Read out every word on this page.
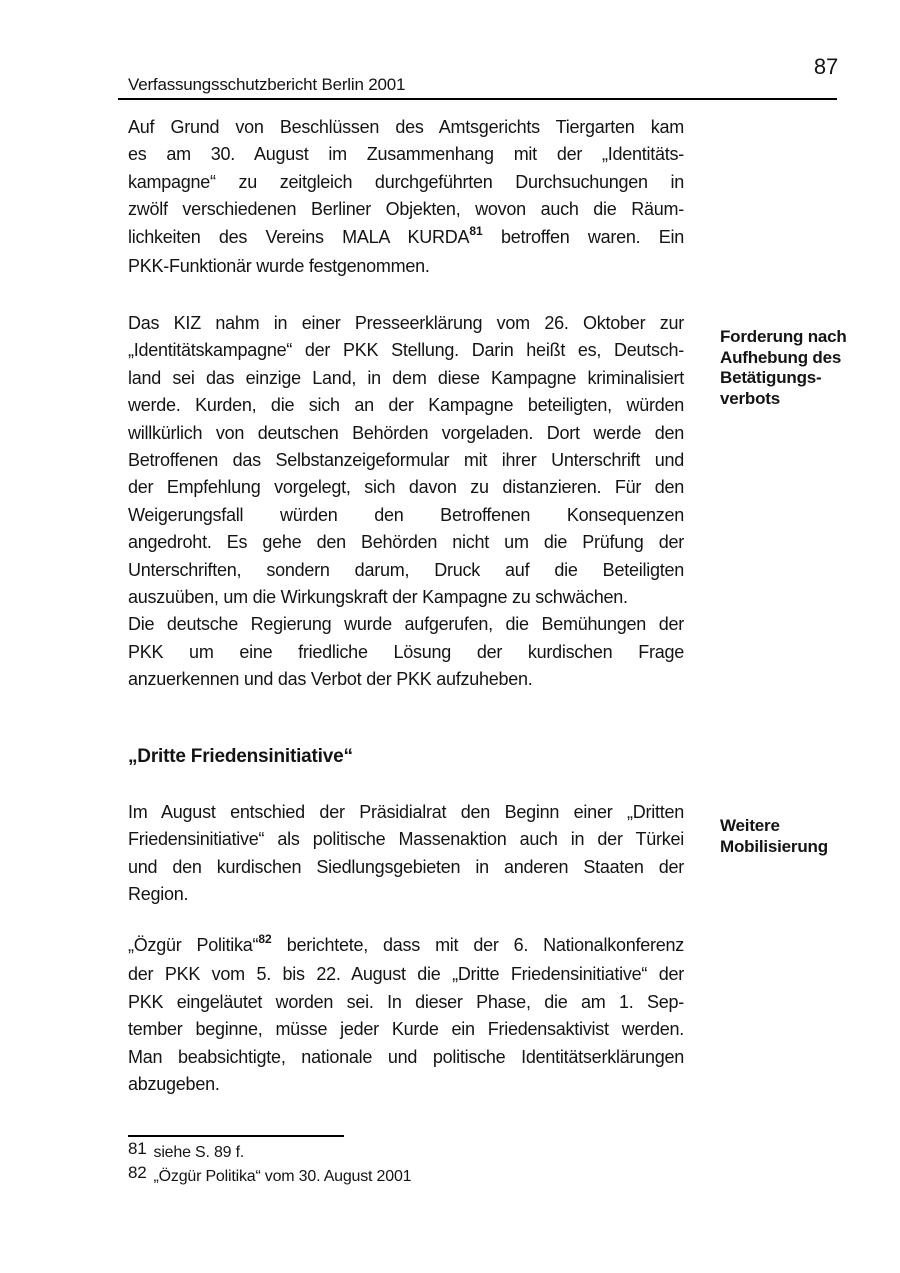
87
Verfassungsschutzbericht Berlin 2001
Auf Grund von Beschlüssen des Amtsgerichts Tiergarten kam
es am 30. August im Zusammenhang mit der „Identitäts-
kampagne“ zu zeitgleich durchgeführten Durchsuchungen in
zwölf verschiedenen Berliner Objekten, wovon auch die Räum-
lichkeiten des Vereins MALA KURDA$^{81}$ betroffen waren. Ein
PKK-Funktionär wurde festgenommen.
Das KIZ nahm in einer Presseerklärung vom 26. Oktober zur
„Identitätskampagne“ der PKK Stellung. Darin heißt es, Deutsch-
land sei das einzige Land, in dem diese Kampagne kriminalisiert
werde. Kurden, die sich an der Kampagne beteiligten, würden
willkürlich von deutschen Behörden vorgeladen. Dort werde den
Betroffenen das Selbstanzeigeformular mit ihrer Unterschrift und
der Empfehlung vorgelegt, sich davon zu distanzieren. Für den
Weigerungsfall würden den Betroffenen Konsequenzen
angedroht. Es gehe den Behörden nicht um die Prüfung der
Unterschriften, sondern darum, Druck auf die Beteiligten
auszuüben, um die Wirkungskraft der Kampagne zu schwächen.
Die deutsche Regierung wurde aufgerufen, die Bemühungen der
PKK um eine friedliche Lösung der kurdischen Frage
anzuerkennen und das Verbot der PKK aufzuheben.
„Dritte Friedensinitiative“
Im August entschied der Präsidialrat den Beginn einer „Dritten
Friedensinitiative“ als politische Massenaktion auch in der Türkei
und den kurdischen Siedlungsgebieten in anderen Staaten der
Region.
„Özgür Politika“$^{82}$ berichtete, dass mit der 6. Nationalkonferenz
der PKK vom 5. bis 22. August die „Dritte Friedensinitiative“ der
PKK eingeläutet worden sei. In dieser Phase, die am 1. Sep-
tember beginne, müsse jeder Kurde ein Friedensaktivist werden.
Man beabsichtigte, nationale und politische Identitätserklärungen
abzugeben.
Forderung nach
Aufhebung des
Betätigungs-
verbots
Weitere
Mobilisierung
81 siehe S. 89 f.
82 „Özgür Politika“ vom 30. August 2001
